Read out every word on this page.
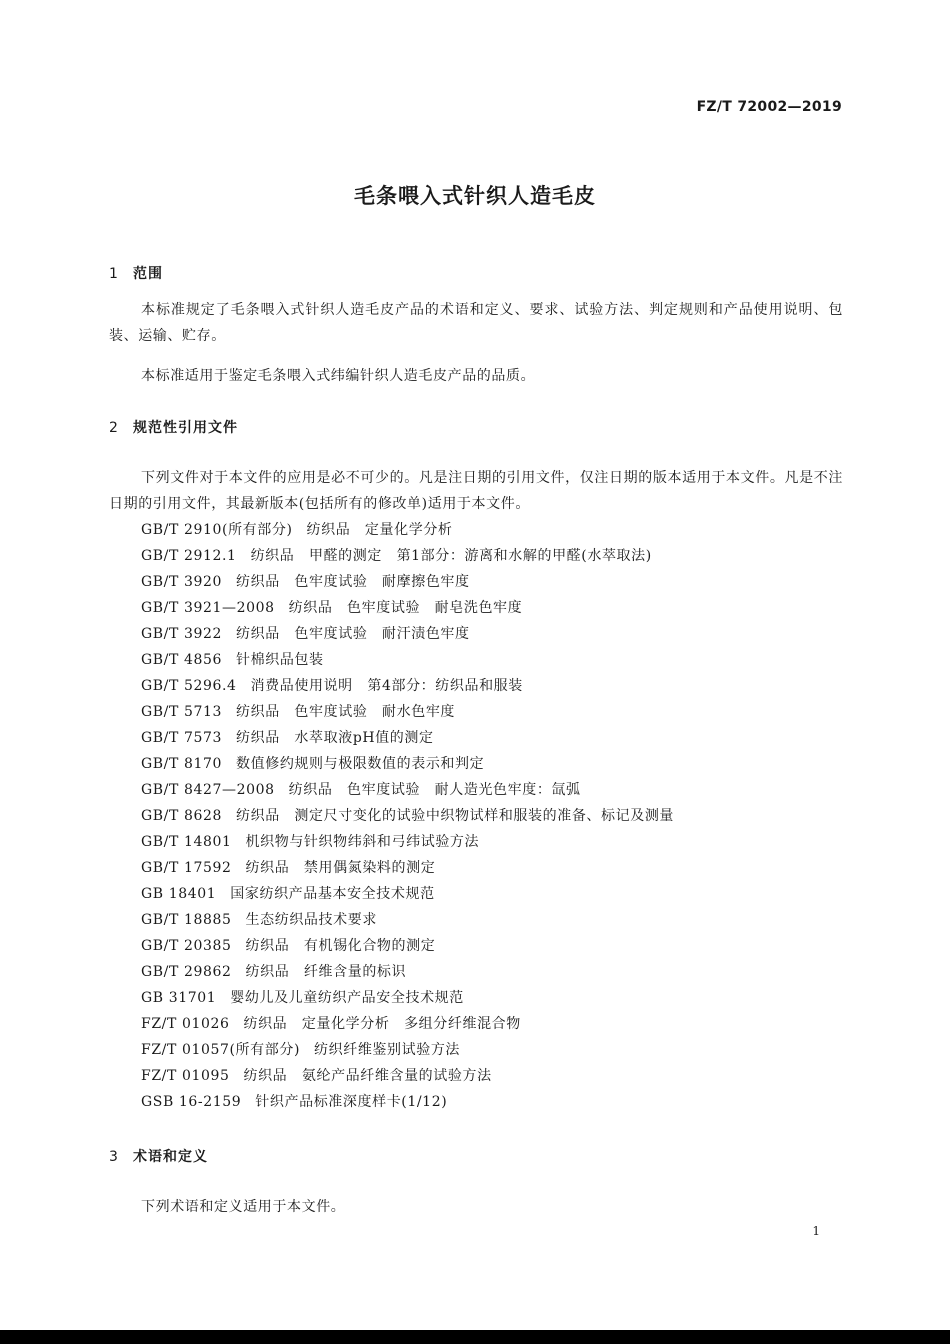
FZ/T 72002—2019
毛条喂入式针织人造毛皮
1 范围

本标准规定了毛条喂入式针织人造毛皮产品的术语和定义、要求、试验方法、判定规则和产品使用说明、包装、运输、贮存。

本标准适用于鉴定毛条喂入式纬编针织人造毛皮产品的品质。

2 规范性引用文件

下列文件对于本文件的应用是必不可少的。凡是注日期的引用文件，仅注日期的版本适用于本文件。凡是不注日期的引用文件，其最新版本(包括所有的修改单)适用于本文件。

GB/T 2910(所有部分) 纺织品　定量化学分析
GB/T 2912.1 纺织品　甲醛的测定　第1部分：游离和水解的甲醛(水萃取法)
GB/T 3920 纺织品　色牢度试验　耐摩擦色牢度
GB/T 3921—2008 纺织品　色牢度试验　耐皂洗色牢度
GB/T 3922 纺织品　色牢度试验　耐汗渍色牢度
GB/T 4856 针棉织品包装
GB/T 5296.4 消费品使用说明　第4部分：纺织品和服装
GB/T 5713 纺织品　色牢度试验　耐水色牢度
GB/T 7573 纺织品　水萃取液pH值的测定
GB/T 8170 数值修约规则与极限数值的表示和判定
GB/T 8427—2008 纺织品　色牢度试验　耐人造光色牢度：氙弧
GB/T 8628 纺织品　测定尺寸变化的试验中织物试样和服装的准备、标记及测量
GB/T 14801 机织物与针织物纬斜和弓纬试验方法
GB/T 17592 纺织品　禁用偶氮染料的测定
GB 18401 国家纺织产品基本安全技术规范
GB/T 18885 生态纺织品技术要求
GB/T 20385 纺织品　有机锡化合物的测定
GB/T 29862 纺织品　纤维含量的标识
GB 31701 婴幼儿及儿童纺织产品安全技术规范
FZ/T 01026 纺织品　定量化学分析　多组分纤维混合物
FZ/T 01057(所有部分) 纺织纤维鉴别试验方法
FZ/T 01095 纺织品　氨纶产品纤维含量的试验方法
GSB 16-2159 针织产品标准深度样卡(1/12)
3 术语和定义

下列术语和定义适用于本文件。

1
